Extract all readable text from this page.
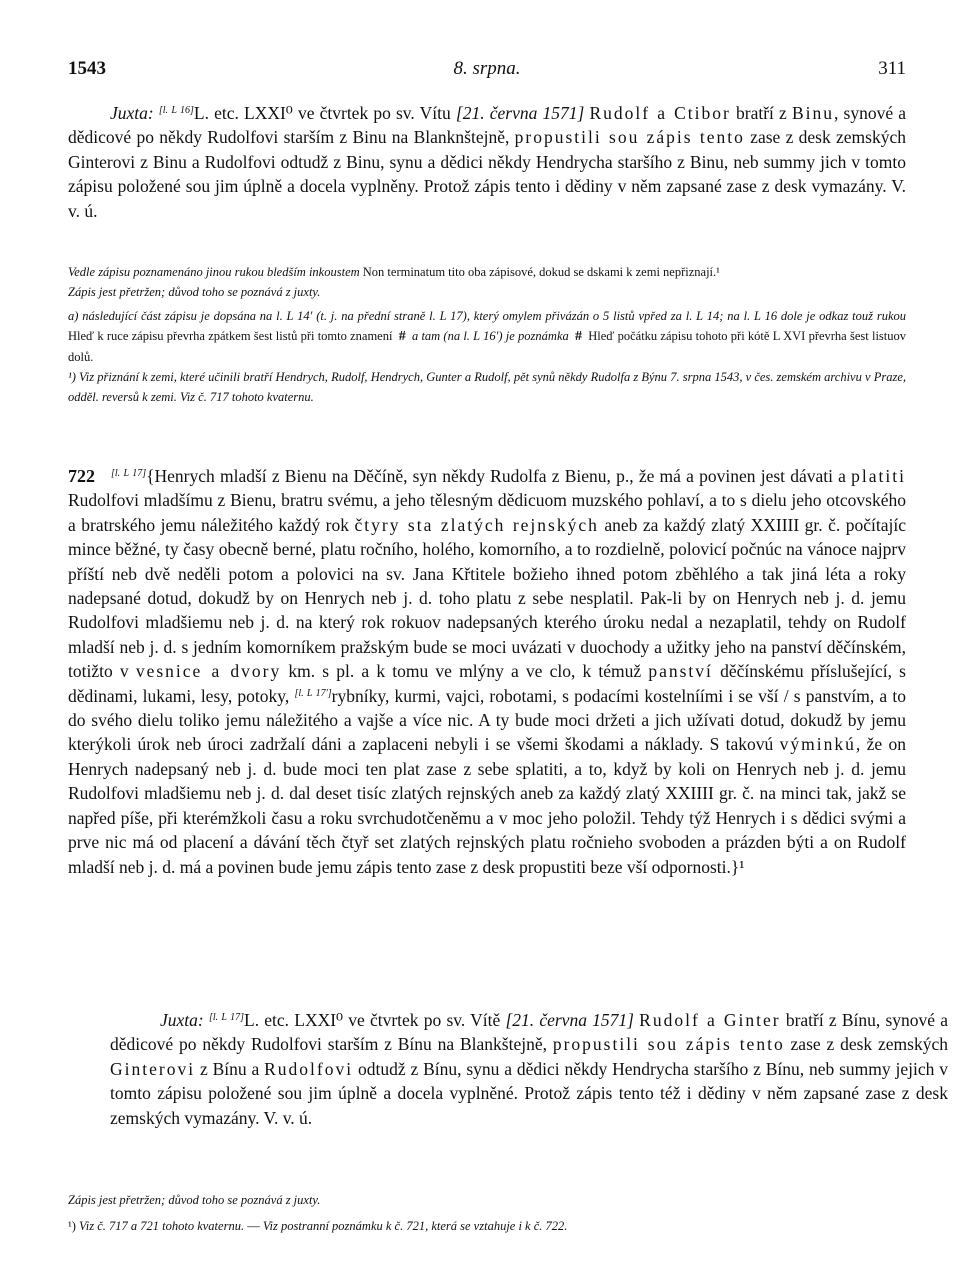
1543	8. srpna.	311
Juxta: [l. L 16]L. etc. LXXI⁰ ve čtvrtek po sv. Vítu [21. června 1571] Rudolf a Ctibor bratří z Binu, synové a dědicové po někdy Rudolfovi starším z Binu na Blanknštejně, propustili sou zápis tento zase z desk zemských Ginterovi z Binu a Rudolfovi odtudž z Binu, synu a dědici někdy Hendrycha staršího z Binu, neb summy jich v tomto zápisu položené sou jim úplně a docela vyplněny. Protož zápis tento i dědiny v něm zapsané zase z desk vymazány. V. v. ú.
Vedle zápisu poznamenáno jinou rukou bledším inkoustem Non terminatum tito oba zápisové, dokud se dskami k zemi nepřiznají.¹
Zápis jest přetržen; důvod toho se poznává z juxty.
a) následující část zápisu je dopsána na l. L 14′ (t. j. na přední straně l. L 17), který omylem přivázán o 5 listů vpřed za l. L 14; na l. L 16 dole je odkaz touž rukou Hleď k ruce zápisu převrha zpátkem šest listů při tomto znamení # a tam (na l. L 16′) je poznámka # Hleď počátku zápisu tohoto při kótě L XVI převrha šest listuov dolů.
¹) Viz přiznání k zemi, které učinili bratří Hendrych, Rudolf, Hendrych, Gunter a Rudolf, pět synů někdy Rudolfa z Býnu 7. srpna 1543, v čes. zemském archivu v Praze, odděl. reversů k zemi. Viz č. 717 tohoto kvaternu.
722 [l. L 17]{Henrych mladší z Bienu na Děčíně, syn někdy Rudolfa z Bienu, p., že má a povinen jest dávati a platiti Rudolfovi mladšímu z Bienu, bratru svému, a jeho tělesným dědicuom muzského pohlaví, a to s dielu jeho otcovského a bratrského jemu náležitého každý rok čtyry sta zlatých rejnských aneb za každý zlatý XXIIII gr. č. počítajíc mince běžné, ty časy obecně berné, platu ročního, holého, komorního, a to rozdielně, polovicí počnúc na vánoce najprv příští neb dvě neděli potom a polovici na sv. Jana Křtitele božieho ihned potom zběhlého a tak jiná léta a roky nadepsané dotud, dokudž by on Henrych neb j. d. toho platu z sebe nesplatil. Pak-li by on Henrych neb j. d. jemu Rudolfovi mladšiemu neb j. d. na který rok rokuov nadepsaných kterého úroku nedal a nezaplatil, tehdy on Rudolf mladší neb j. d. s jedním komorníkem pražským bude se moci uvázati v duochody a užitky jeho na panství děčínském, totižto v vesnice a dvory km. s pl. a k tomu ve mlýny a ve clo, k témuž panství děčínskému příslušející, s dědinami, lukami, lesy, potoky, [l. L 17′]rybníky, kurmi, vajci, robotami, s podacími kostelníími i se vší / s panstvím, a to do svého dielu toliko jemu náležitého a vajše a více nic. A ty bude moci držeti a jich užívati dotud, dokudž by jemu kterýkoli úrok neb úroci zadržalí dáni a zaplaceni nebyli i se všemi škodami a náklady. S takovú výminkú, že on Henrych nadepsaný neb j. d. bude moci ten plat zase z sebe splatiti, a to, když by koli on Henrych neb j. d. jemu Rudolfovi mladšiemu neb j. d. dal deset tisíc zlatých rejnských aneb za každý zlatý XXIIII gr. č. na minci tak, jakž se napřed píše, při kterémžkoli času a roku svrchudotčeněmu a v moc jeho položil. Tehdy týž Henrych i s dědici svými a prve nic má od placení a dávání těch čtyř set zlatých rejnských platu ročnieho svoboden a prázden býti a on Rudolf mladší neb j. d. má a povinen bude jemu zápis tento zase z desk propustiti beze vší odpornosti.}¹
Juxta: [l. L 17]L. etc. LXXI⁰ ve čtvrtek po sv. Vítě [21. června 1571] Rudolf a Ginter bratří z Bínu, synové a dědicové po někdy Rudolfovi starším z Bínu na Blankštejně, propustili sou zápis tento zase z desk zemských Ginterovi z Bínu a Rudolfovi odtudž z Bínu, synu a dědici někdy Hendrycha staršího z Bínu, neb summy jejich v tomto zápisu položené sou jim úplně a docela vyplněné. Protož zápis tento též i dědiny v něm zapsané zase z desk zemských vymazány. V. v. ú.
Zápis jest přetržen; důvod toho se poznává z juxty.
¹) Viz č. 717 a 721 tohoto kvaternu. — Viz postranní poznámku k č. 721, která se vztahuje i k č. 722.
